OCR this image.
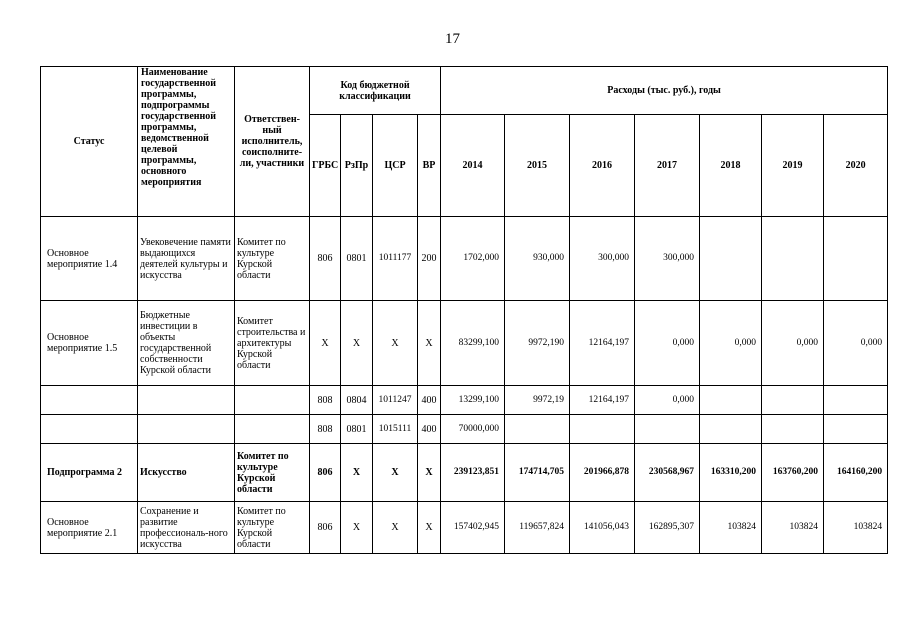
17
Статус	Наименование государственной программы, подпрограммы государственной программы, ведомственной целевой программы, основного мероприятия	Ответствен-ный исполнитель, соисполните-ли, участники	Код бюджетной классификации				Расходы (тыс. руб.), годы						
			ГРБС	РзПр	ЦСР	ВР	2014	2015	2016	2017	2018	2019	2020
Основное мероприятие 1.4	Увековечение памяти выдающихся деятелей культуры и искусства	Комитет по культуре Курской области	806	0801	1011177	200	1702,000	930,000	300,000	300,000			
Основное мероприятие 1.5	Бюджетные инвестиции в объекты государственной собственности Курской области	Комитет строительства и архитектуры Курской области	Х	Х	Х	Х	83299,100	9972,190	12164,197	0,000	0,000	0,000	0,000
			808	0804	1011247	400	13299,100	9972,19	12164,197	0,000			
			808	0801	1015111	400	70000,000						
Подпрограмма 2	Искусство	Комитет по культуре Курской области	806	Х	Х	Х	239123,851	174714,705	201966,878	230568,967	163310,200	163760,200	164160,200
Основное мероприятие 2.1	Сохранение и развитие профессиональ-ного искусства	Комитет по культуре Курской области	806	Х	Х	Х	157402,945	119657,824	141056,043	162895,307	103824	103824	103824
